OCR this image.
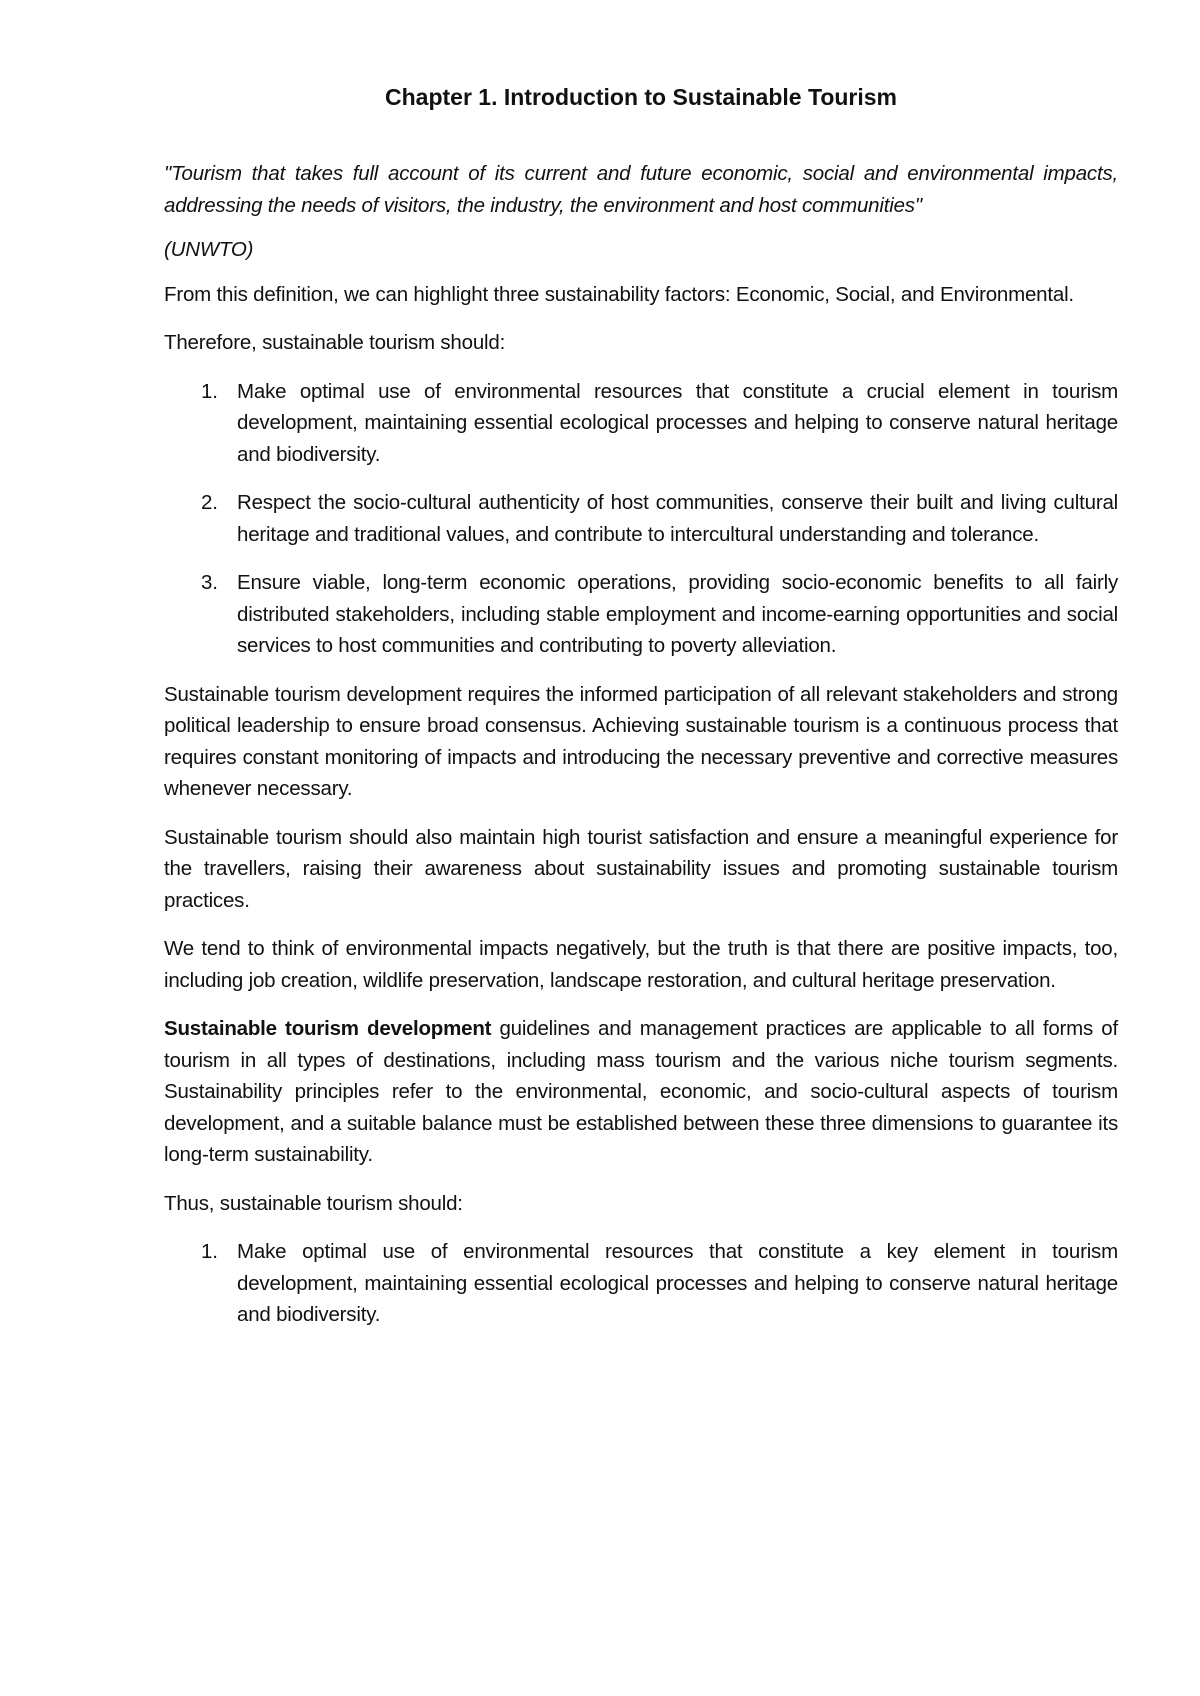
Chapter 1. Introduction to Sustainable Tourism

"Tourism that takes full account of its current and future economic, social and environmental impacts, addressing the needs of visitors, the industry, the environment and host communities"

(UNWTO)

From this definition, we can highlight three sustainability factors: Economic, Social, and Environmental.

Therefore, sustainable tourism should:

1. Make optimal use of environmental resources that constitute a crucial element in tourism development, maintaining essential ecological processes and helping to conserve natural heritage and biodiversity.
2. Respect the socio-cultural authenticity of host communities, conserve their built and living cultural heritage and traditional values, and contribute to intercultural understanding and tolerance.
3. Ensure viable, long-term economic operations, providing socio-economic benefits to all fairly distributed stakeholders, including stable employment and income-earning opportunities and social services to host communities and contributing to poverty alleviation.

Sustainable tourism development requires the informed participation of all relevant stakeholders and strong political leadership to ensure broad consensus. Achieving sustainable tourism is a continuous process that requires constant monitoring of impacts and introducing the necessary preventive and corrective measures whenever necessary.

Sustainable tourism should also maintain high tourist satisfaction and ensure a meaningful experience for the travellers, raising their awareness about sustainability issues and promoting sustainable tourism practices.

We tend to think of environmental impacts negatively, but the truth is that there are positive impacts, too, including job creation, wildlife preservation, landscape restoration, and cultural heritage preservation.

Sustainable tourism development guidelines and management practices are applicable to all forms of tourism in all types of destinations, including mass tourism and the various niche tourism segments. Sustainability principles refer to the environmental, economic, and socio-cultural aspects of tourism development, and a suitable balance must be established between these three dimensions to guarantee its long-term sustainability.

Thus, sustainable tourism should:

1. Make optimal use of environmental resources that constitute a key element in tourism development, maintaining essential ecological processes and helping to conserve natural heritage and biodiversity.
